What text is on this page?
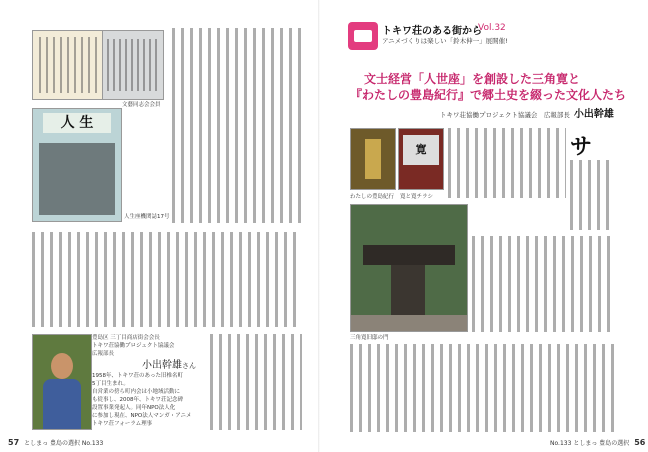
文藝同志会会員
人 生
人生座機関誌17号
豊島区 三丁目商店街会会長
トキワ荘協働プロジェクト協議会
広報部長
小出幹雄さん
1958年、トキワ荘のあった旧椎名町
5丁目生まれ。
自営業の傍ら町内会は小地域活動に
も従事し、2008年、トキワ荘記念碑
設置事業発起人。同年NPO法人化
に参加し現在、NPO法人マンガ・アニメ
トキワ荘フォーラム理事
57 としまっ 豊島の選択 No.133
トキワ荘のある街から
Vol.32
アニメづくりは楽しい「鈴木伸一」展開催!
文士経営「人世座」を創設した三角寛と
『わたしの豊島紀行』で郷土史を綴った文化人たち
トキワ荘協働プロジェクト協議会　広報部長 小出幹雄
寛
わたしの豊島紀行 寛と寛チラシ
サ
三角寛旧邸の門
No.133 としまっ 豊島の選択 56
